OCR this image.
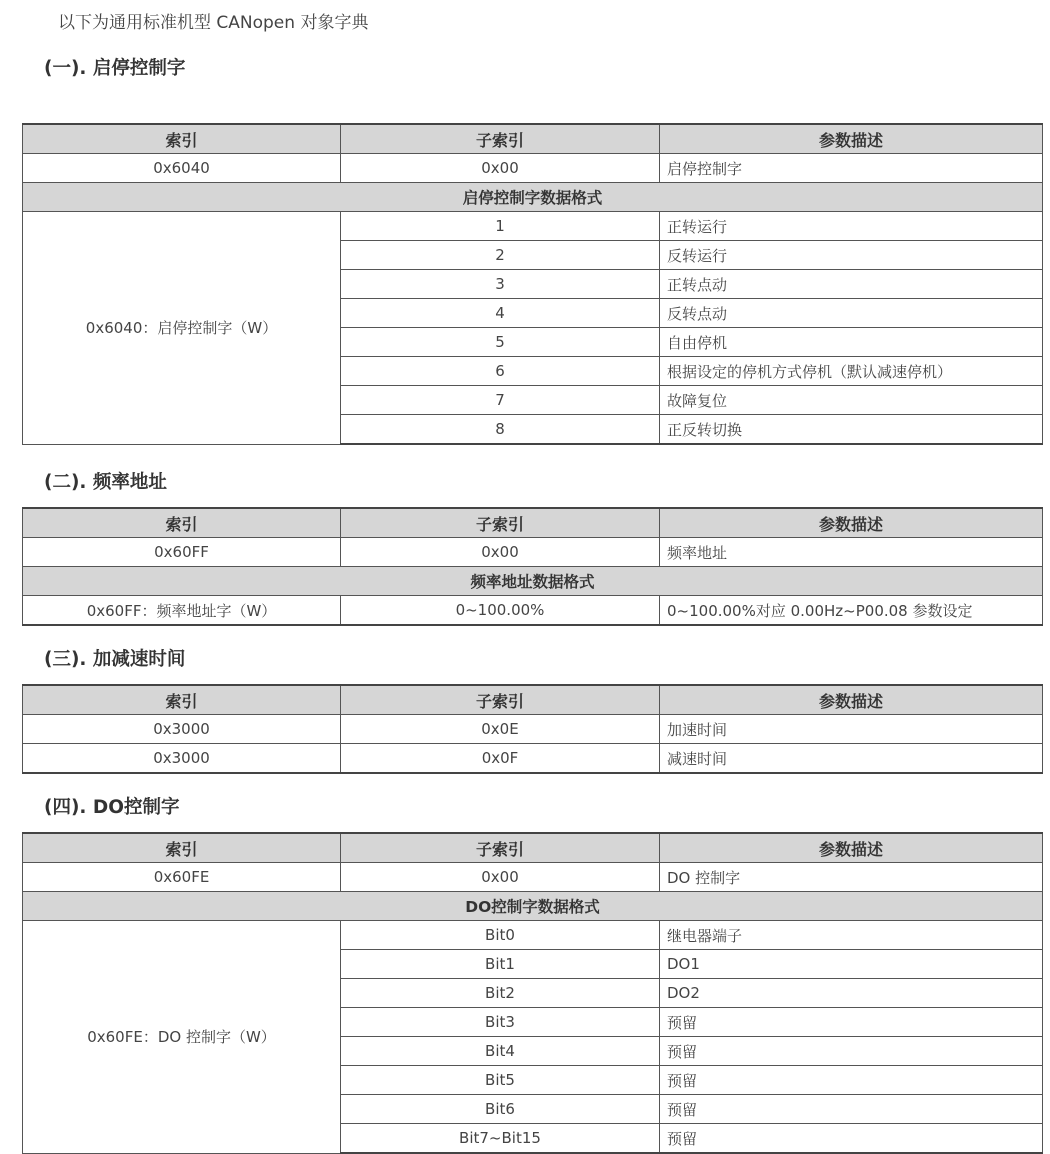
以下为通用标准机型 CANopen 对象字典
(一). 启停控制字
索引	子索引	参数描述
0x6040	0x00	启停控制字
启停控制字数据格式		
0x6040：启停控制字（W）	1	正转运行
	2	反转运行
	3	正转点动
	4	反转点动
	5	自由停机
	6	根据设定的停机方式停机（默认减速停机）
	7	故障复位
	8	正反转切换
(二). 频率地址
索引	子索引	参数描述
0x60FF	0x00	频率地址
频率地址数据格式		
0x60FF：频率地址字（W）	0~100.00%	0~100.00%对应 0.00Hz~P00.08 参数设定
(三). 加减速时间
索引	子索引	参数描述
0x3000	0x0E	加速时间
0x3000	0x0F	减速时间
(四). DO控制字
索引	子索引	参数描述
0x60FE	0x00	DO 控制字
DO控制字数据格式		
0x60FE：DO 控制字（W）	Bit0	继电器端子
	Bit1	DO1
	Bit2	DO2
	Bit3	预留
	Bit4	预留
	Bit5	预留
	Bit6	预留
	Bit7~Bit15	预留
